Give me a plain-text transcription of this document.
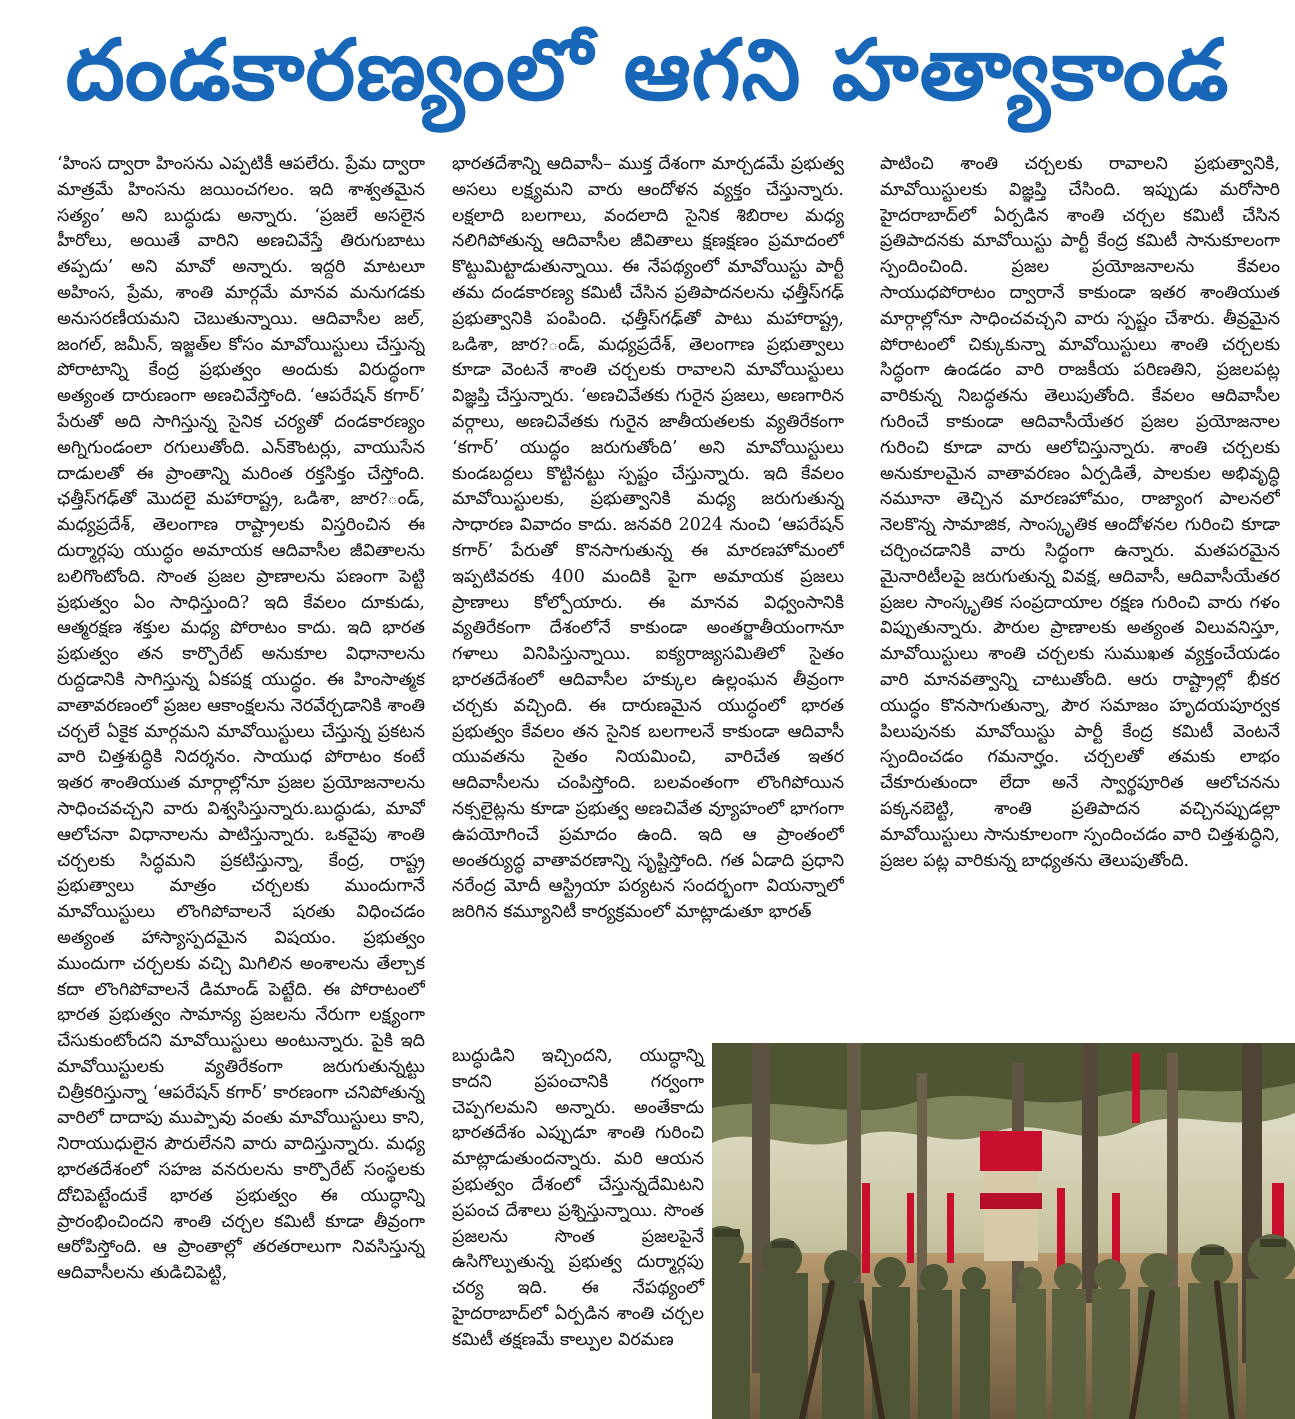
దండకారణ్యంలో ఆగని హత్యాకాండ

‘హింస ద్వారా హింసను ఎప్పటికీ ఆపలేరు. ప్రేమ ద్వారా మాత్రమే హింసను జయించగలం. ఇది శాశ్వతమైన సత్యం’ అని బుద్ధుడు అన్నారు. ‘ప్రజలే అసలైన హీరోలు, అయితే వారిని అణచివేస్తే తిరుగుబాటు తప్పదు’ అని మావో అన్నారు. ఇద్దరి మాటలూ అహింస, ప్రేమ, శాంతి మార్గమే మానవ మనుగడకు అనుసరణీయమని చెబుతున్నాయి. ఆదివాసీల జల్, జంగల్, జమీన్, ఇజ్జత్‌ల కోసం మావోయిస్టులు చేస్తున్న పోరాటాన్ని కేంద్ర ప్రభుత్వం అందుకు విరుద్ధంగా అత్యంత దారుణంగా అణచివేస్తోంది. ‘ఆపరేషన్ కగార్’ పేరుతో అది సాగిస్తున్న సైనిక చర్యతో దండకారణ్యం అగ్నిగుండంలా రగులుతోంది. ఎన్‌కౌంటర్లు, వాయుసేన దాడులతో ఈ ప్రాంతాన్ని మరింత రక్తసిక్తం చేస్తోంది. ఛత్తీస్‌గఢ్‌తో మొదలై మహారాష్ట్ర, ఒడిశా, జార?ండ్, మధ్యప్రదేశ్, తెలంగాణ రాష్ట్రాలకు విస్తరించిన ఈ దుర్మార్గపు యుద్ధం అమాయక ఆదివాసీల జీవితాలను బలిగొంటోంది. సొంత ప్రజల ప్రాణాలను పణంగా పెట్టి ప్రభుత్వం ఏం సాధిస్తుంది? ఇది కేవలం దూకుడు, ఆత్మరక్షణ శక్తుల మధ్య పోరాటం కాదు. ఇది భారత ప్రభుత్వం తన కార్పొరేట్ అనుకూల విధానాలను రుద్దడానికి సాగిస్తున్న ఏకపక్ష యుద్ధం. ఈ హింసాత్మక వాతావరణంలో ప్రజల ఆకాంక్షలను నెరవేర్చడానికి శాంతి చర్చలే ఏకైక మార్గమని మావోయిస్టులు చేస్తున్న ప్రకటన వారి చిత్తశుద్ధికి నిదర్శనం. సాయుధ పోరాటం కంటే ఇతర శాంతియుత మార్గాల్లోనూ ప్రజల ప్రయోజనాలను సాధించవచ్చని వారు విశ్వసిస్తున్నారు.బుద్ధుడు, మావో ఆలోచనా విధానాలను పాటిస్తున్నారు. ఒకవైపు శాంతి చర్చలకు సిద్ధమని ప్రకటిస్తున్నా, కేంద్ర, రాష్ట్ర ప్రభుత్వాలు మాత్రం చర్చలకు ముందుగానే మావోయిస్టులు లొంగిపోవాలనే షరతు విధించడం అత్యంత హాస్యాస్పదమైన విషయం. ప్రభుత్వం ముందుగా చర్చలకు వచ్చి మిగిలిన అంశాలను తేల్చాక కదా లొంగిపోవాలనే డిమాండ్ పెట్టేది. ఈ పోరాటంలో భారత ప్రభుత్వం సామాన్య ప్రజలను నేరుగా లక్ష్యంగా చేసుకుంటోందని మావోయిస్టులు అంటున్నారు. పైకి ఇది మావోయిస్టులకు వ్యతిరేకంగా జరుగుతున్నట్టు చిత్రీకరిస్తున్నా ‘ఆపరేషన్ కగార్’ కారణంగా చనిపోతున్న వారిలో దాదాపు ముప్పావు వంతు మావోయిస్టులు కాని, నిరాయుధులైన పౌరులేనని వారు వాదిస్తున్నారు. మధ్య భారతదేశంలో సహజ వనరులను కార్పొరేట్ సంస్థలకు దోచిపెట్టేందుకే భారత ప్రభుత్వం ఈ యుద్ధాన్ని ప్రారంభించిందని శాంతి చర్చల కమిటీ కూడా తీవ్రంగా ఆరోపిస్తోంది. ఆ ప్రాంతాల్లో తరతరాలుగా నివసిస్తున్న ఆదివాసీలను తుడిచిపెట్టి,

భారతదేశాన్ని ఆదివాసీ– ముక్త దేశంగా మార్చడమే ప్రభుత్వ అసలు లక్ష్యమని వారు ఆందోళన వ్యక్తం చేస్తున్నారు. లక్షలాది బలగాలు, వందలాది సైనిక శిబిరాల మధ్య నలిగిపోతున్న ఆదివాసీల జీవితాలు క్షణక్షణం ప్రమాదంలో కొట్టుమిట్టాడుతున్నాయి. ఈ నేపథ్యంలో మావోయిస్టు పార్టీ తమ దండకారణ్య కమిటీ చేసిన ప్రతిపాదనలను ఛత్తీస్‌గఢ్ ప్రభుత్వానికి పంపింది. ఛత్తీస్‌గఢ్‌తో పాటు మహారాష్ట్ర, ఒడిశా, జార?ండ్, మధ్యప్రదేశ్, తెలంగాణ ప్రభుత్వాలు కూడా వెంటనే శాంతి చర్చలకు రావాలని మావోయిస్టులు విజ్ఞప్తి చేస్తున్నారు. ‘అణచివేతకు గురైన ప్రజలు, అణగారిన వర్గాలు, అణచివేతకు గురైన జాతీయతలకు వ్యతిరేకంగా ‘కగార్’ యుద్ధం జరుగుతోంది’ అని మావోయిస్టులు కుండబద్దలు కొట్టినట్టు స్పష్టం చేస్తున్నారు. ఇది కేవలం మావోయిస్టులకు, ప్రభుత్వానికి మధ్య జరుగుతున్న సాధారణ వివాదం కాదు. జనవరి 2024 నుంచి ‘ఆపరేషన్ కగార్’ పేరుతో కొనసాగుతున్న ఈ మారణహోమంలో ఇప్పటివరకు 400 మందికి పైగా అమాయక ప్రజలు ప్రాణాలు కోల్పోయారు. ఈ మానవ విధ్వంసానికి వ్యతిరేకంగా దేశంలోనే కాకుండా అంతర్జాతీయంగానూ గళాలు వినిపిస్తున్నాయి. ఐక్యరాజ్యసమితిలో సైతం భారతదేశంలో ఆదివాసీల హక్కుల ఉల్లంఘన తీవ్రంగా చర్చకు వచ్చింది. ఈ దారుణమైన యుద్ధంలో భారత ప్రభుత్వం కేవలం తన సైనిక బలగాలనే కాకుండా ఆదివాసీ యువతను సైతం నియమించి, వారిచేత ఇతర ఆదివాసీలను చంపిస్తోంది. బలవంతంగా లొంగిపోయిన నక్సలైట్లను కూడా ప్రభుత్వ అణచివేత వ్యూహంలో భాగంగా ఉపయోగించే ప్రమాదం ఉంది. ఇది ఆ ప్రాంతంలో అంతర్యుద్ధ వాతావరణాన్ని సృష్టిస్తోంది. గత ఏడాది ప్రధాని నరేంద్ర మోదీ ఆస్ట్రియా పర్యటన సందర్భంగా వియన్నాలో జరిగిన కమ్యూనిటీ కార్యక్రమంలో మాట్లాడుతూ భారత్

బుద్ధుడిని ఇచ్చిందని, యుద్ధాన్ని కాదని ప్రపంచానికి గర్వంగా చెప్పగలమని అన్నారు. అంతేకాదు భారతదేశం ఎప్పుడూ శాంతి గురించి మాట్లాడుతుందన్నారు. మరి ఆయన ప్రభుత్వం దేశంలో చేస్తున్నదేమిటని ప్రపంచ దేశాలు ప్రశ్నిస్తున్నాయి. సొంత ప్రజలను సొంత ప్రజలపైనే ఉసిగొల్పుతున్న ప్రభుత్వ దుర్మార్గపు చర్య ఇది. ఈ నేపథ్యంలో హైదరాబాద్‌లో ఏర్పడిన శాంతి చర్చల కమిటీ తక్షణమే కాల్పుల విరమణ

పాటించి శాంతి చర్చలకు రావాలని ప్రభుత్వానికి, మావోయిస్టులకు విజ్ఞప్తి చేసింది. ఇప్పుడు మరోసారి హైదరాబాద్‌లో ఏర్పడిన శాంతి చర్చల కమిటీ చేసిన ప్రతిపాదనకు మావోయిస్టు పార్టీ కేంద్ర కమిటీ సానుకూలంగా స్పందించింది. ప్రజల ప్రయోజనాలను కేవలం సాయుధపోరాటం ద్వారానే కాకుండా ఇతర శాంతియుత మార్గాల్లోనూ సాధించవచ్చని వారు స్పష్టం చేశారు. తీవ్రమైన పోరాటంలో చిక్కుకున్నా మావోయిస్టులు శాంతి చర్చలకు సిద్ధంగా ఉండడం వారి రాజకీయ పరిణతిని, ప్రజలపట్ల వారికున్న నిబద్ధతను తెలుపుతోంది. కేవలం ఆదివాసీల గురించే కాకుండా ఆదివాసీయేతర ప్రజల ప్రయోజనాల గురించి కూడా వారు ఆలోచిస్తున్నారు. శాంతి చర్చలకు అనుకూలమైన వాతావరణం ఏర్పడితే, పాలకుల అభివృద్ధి నమూనా తెచ్చిన మారణహోమం, రాజ్యాంగ పాలనలో నెలకొన్న సామాజిక, సాంస్కృతిక ఆందోళనల గురించి కూడా చర్చించడానికి వారు సిద్ధంగా ఉన్నారు. మతపరమైన మైనారిటీలపై జరుగుతున్న వివక్ష, ఆదివాసీ, ఆదివాసీయేతర ప్రజల సాంస్కృతిక సంప్రదాయాల రక్షణ గురించి వారు గళం విప్పుతున్నారు. పౌరుల ప్రాణాలకు అత్యంత విలువనిస్తూ, మావోయిస్టులు శాంతి చర్చలకు సుముఖత వ్యక్తంచేయడం వారి మానవత్వాన్ని చాటుతోంది. ఆరు రాష్ట్రాల్లో భీకర యుద్ధం కొనసాగుతున్నా, పౌర సమాజం హృదయపూర్వక పిలుపునకు మావోయిస్టు పార్టీ కేంద్ర కమిటీ వెంటనే స్పందించడం గమనార్హం. చర్చలతో తమకు లాభం చేకూరుతుందా లేదా అనే స్వార్థపూరిత ఆలోచనను పక్కనబెట్టి, శాంతి ప్రతిపాదన వచ్చినప్పుడల్లా మావోయిస్టులు సానుకూలంగా స్పందించడం వారి చిత్తశుద్ధిని, ప్రజల పట్ల వారికున్న బాధ్యతను తెలుపుతోంది.
